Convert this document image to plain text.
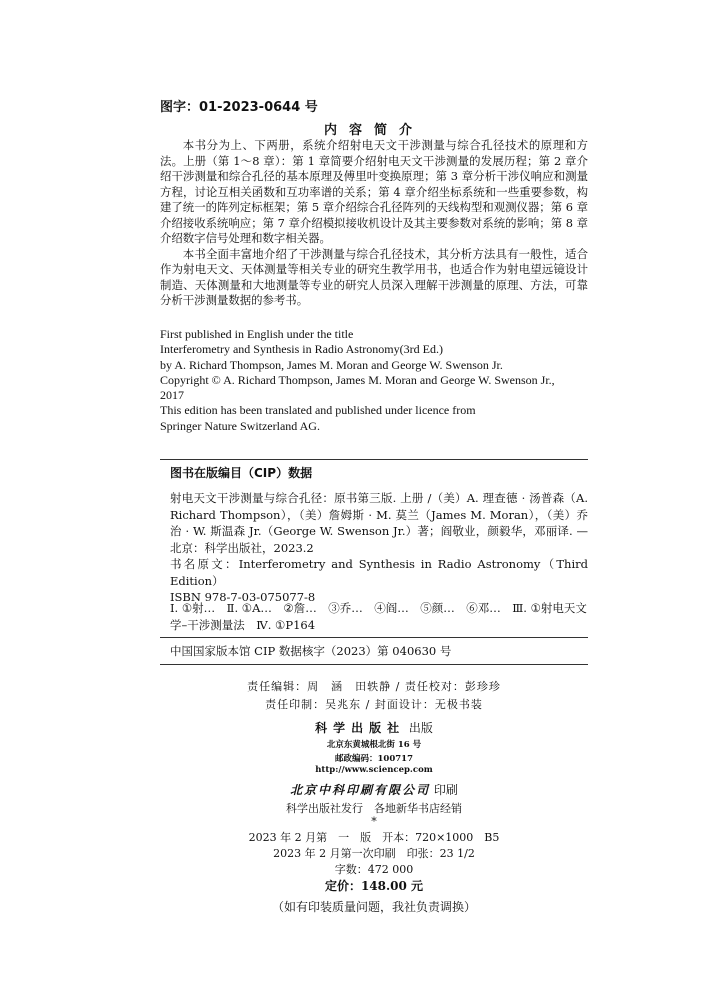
图字：01-2023-0644 号
内容简介

本书分为上、下两册，系统介绍射电天文干涉测量与综合孔径技术的原理和方法。上册（第 1～8 章）：第 1 章简要介绍射电天文干涉测量的发展历程；第 2 章介绍干涉测量和综合孔径的基本原理及傅里叶变换原理；第 3 章分析干涉仪响应和测量方程，讨论互相关函数和互功率谱的关系；第 4 章介绍坐标系统和一些重要参数，构建了统一的阵列定标框架；第 5 章介绍综合孔径阵列的天线构型和观测仪器；第 6 章介绍接收系统响应；第 7 章介绍模拟接收机设计及其主要参数对系统的影响；第 8 章介绍数字信号处理和数字相关器。

本书全面丰富地介绍了干涉测量与综合孔径技术，其分析方法具有一般性，适合作为射电天文、天体测量等相关专业的研究生教学用书，也适合作为射电望远镜设计制造、天体测量和大地测量等专业的研究人员深入理解干涉测量的原理、方法，可靠分析干涉测量数据的参考书。

First published in English under the title
Interferometry and Synthesis in Radio Astronomy(3rd Ed.)
by A. Richard Thompson, James M. Moran and George W. Swenson Jr.
Copyright © A. Richard Thompson, James M. Moran and George W. Swenson Jr.,
2017
This edition has been translated and published under licence from
Springer Nature Switzerland AG.
图书在版编目（CIP）数据
射电天文干涉测量与综合孔径：原书第三版. 上册 /（美）A. 理查德 · 汤普森（A. Richard Thompson），（美）詹姆斯 · M. 莫兰（James M. Moran），（美）乔治 · W. 斯温森 Jr.（George W. Swenson Jr.）著；阎敬业，颜毅华，邓丽译. —北京：科学出版社，2023.2
书名原文：Interferometry and Synthesis in Radio Astronomy（Third Edition）
ISBN 978-7-03-075077-8
Ⅰ. ①射…　Ⅱ. ①A…　②詹…　③乔…　④阎…　⑤颜…　⑥邓…　Ⅲ. ①射电天文学–干涉测量法　Ⅳ. ①P164
中国国家版本馆 CIP 数据核字（2023）第 040630 号
责任编辑：周　涵　田轶静 / 责任校对：彭珍珍
责任印制：吴兆东 / 封面设计：无极书装
科学出版社 出版
北京东黄城根北街 16 号
邮政编码：100717
http://www.sciencep.com
北京中科印刷有限公司 印刷
科学出版社发行　各地新华书店经销
*
2023 年 2 月第　一　版　开本：720×1000　B5
2023 年 2 月第一次印刷　印张：23 1/2
字数：472 000
定价：148.00 元
（如有印装质量问题，我社负责调换）
